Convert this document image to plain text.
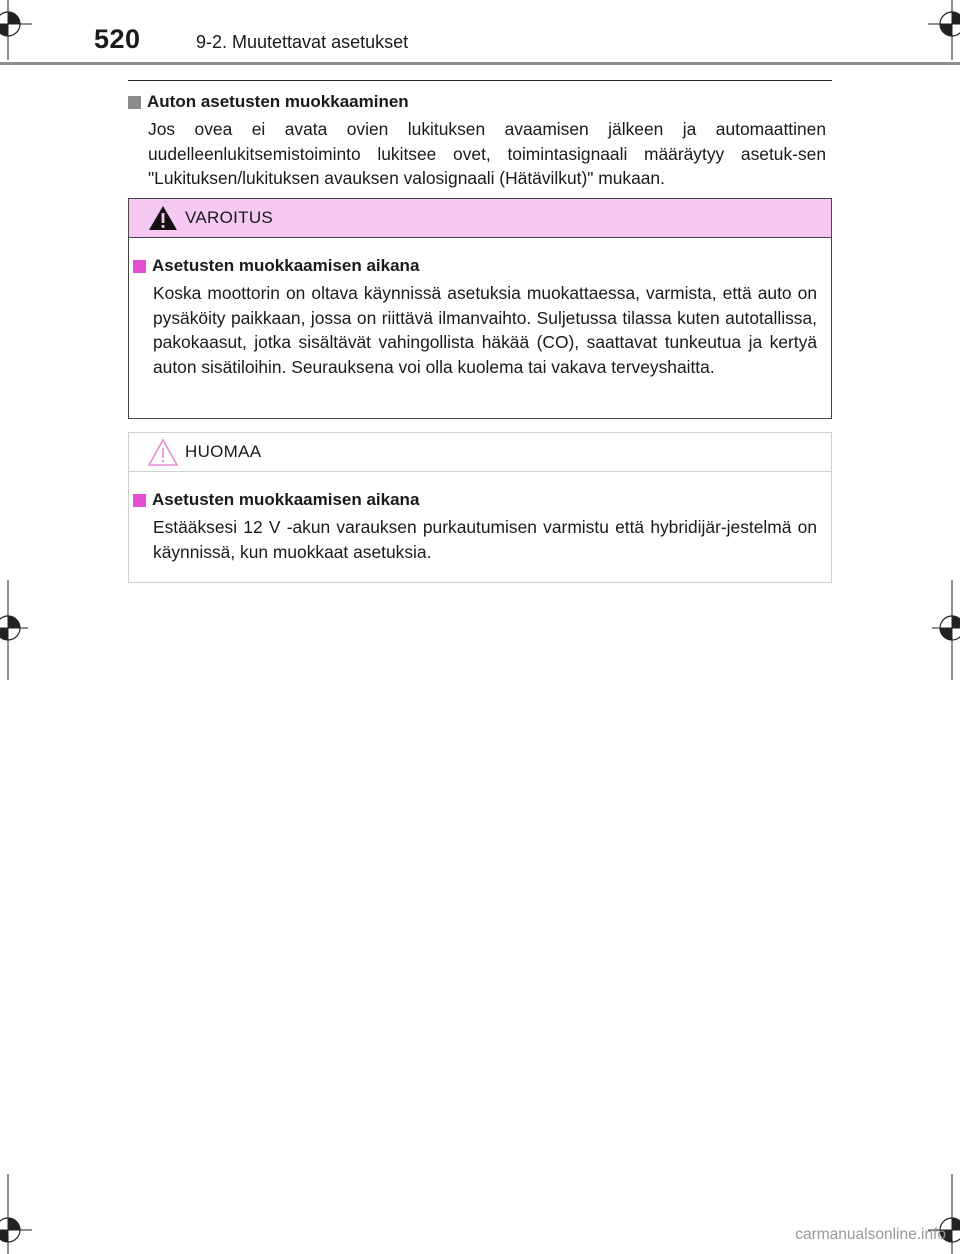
520	9-2. Muutettavat asetukset
Auton asetusten muokkaaminen
Jos ovea ei avata ovien lukituksen avaamisen jälkeen ja automaattinen uudelleenlukitsemistoiminto lukitsee ovet, toimintasignaali määräytyy asetuk-sen "Lukituksen/lukituksen avauksen valosignaali (Hätävilkut)" mukaan.
VAROITUS
Asetusten muokkaamisen aikana
Koska moottorin on oltava käynnissä asetuksia muokattaessa, varmista, että auto on pysäköity paikkaan, jossa on riittävä ilmanvaihto. Suljetussa tilassa kuten autotallissa, pakokaasut, jotka sisältävät vahingollista häkää (CO), saattavat tunkeutua ja kertyä auton sisätiloihin. Seurauksena voi olla kuolema tai vakava terveyshaitta.
HUOMAA
Asetusten muokkaamisen aikana
Estääksesi 12 V -akun varauksen purkautumisen varmistu että hybridijär-jestelmä on käynnissä, kun muokkaat asetuksia.
carmanualsonline.info
